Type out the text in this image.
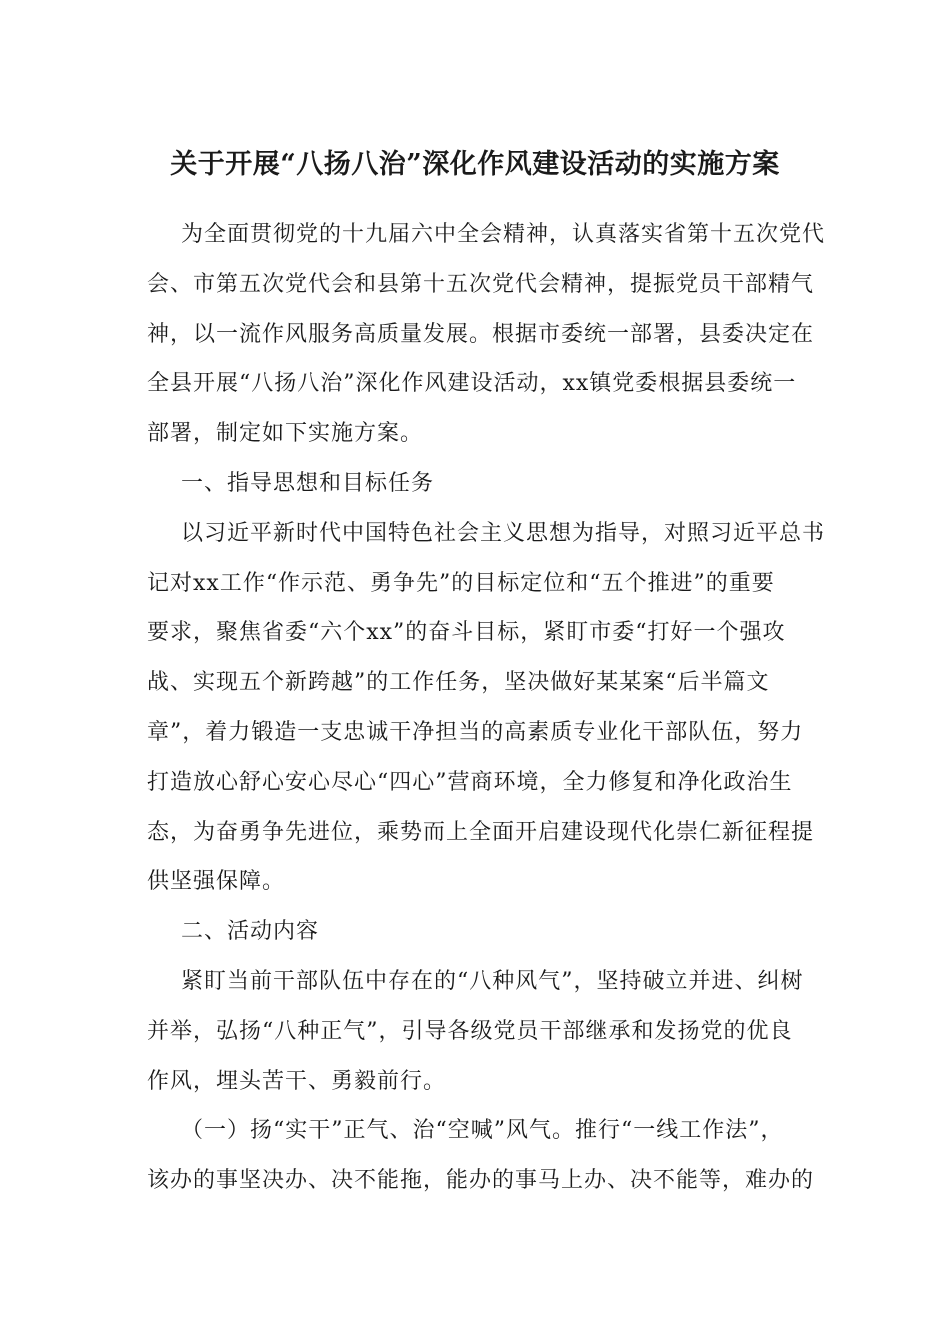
关于开展“八扬八治”深化作风建设活动的实施方案
为全面贯彻党的十九届六中全会精神，认真落实省第十五次党代
会、市第五次党代会和县第十五次党代会精神，提振党员干部精气
神，以一流作风服务高质量发展。根据市委统一部署，县委决定在
全县开展“八扬八治”深化作风建设活动，xx镇党委根据县委统一
部署，制定如下实施方案。
一、指导思想和目标任务
以习近平新时代中国特色社会主义思想为指导，对照习近平总书
记对xx工作“作示范、勇争先”的目标定位和“五个推进”的重要
要求，聚焦省委“六个xx”的奋斗目标，紧盯市委“打好一个强攻
战、实现五个新跨越”的工作任务，坚决做好某某案“后半篇文
章”，着力锻造一支忠诚干净担当的高素质专业化干部队伍，努力
打造放心舒心安心尽心“四心”营商环境，全力修复和净化政治生
态，为奋勇争先进位，乘势而上全面开启建设现代化崇仁新征程提
供坚强保障。
二、活动内容
紧盯当前干部队伍中存在的“八种风气”，坚持破立并进、纠树
并举，弘扬“八种正气”，引导各级党员干部继承和发扬党的优良
作风，埋头苦干、勇毅前行。
（一）扬“实干”正气、治“空喊”风气。推行“一线工作法”，
该办的事坚决办、决不能拖，能办的事马上办、决不能等，难办的
